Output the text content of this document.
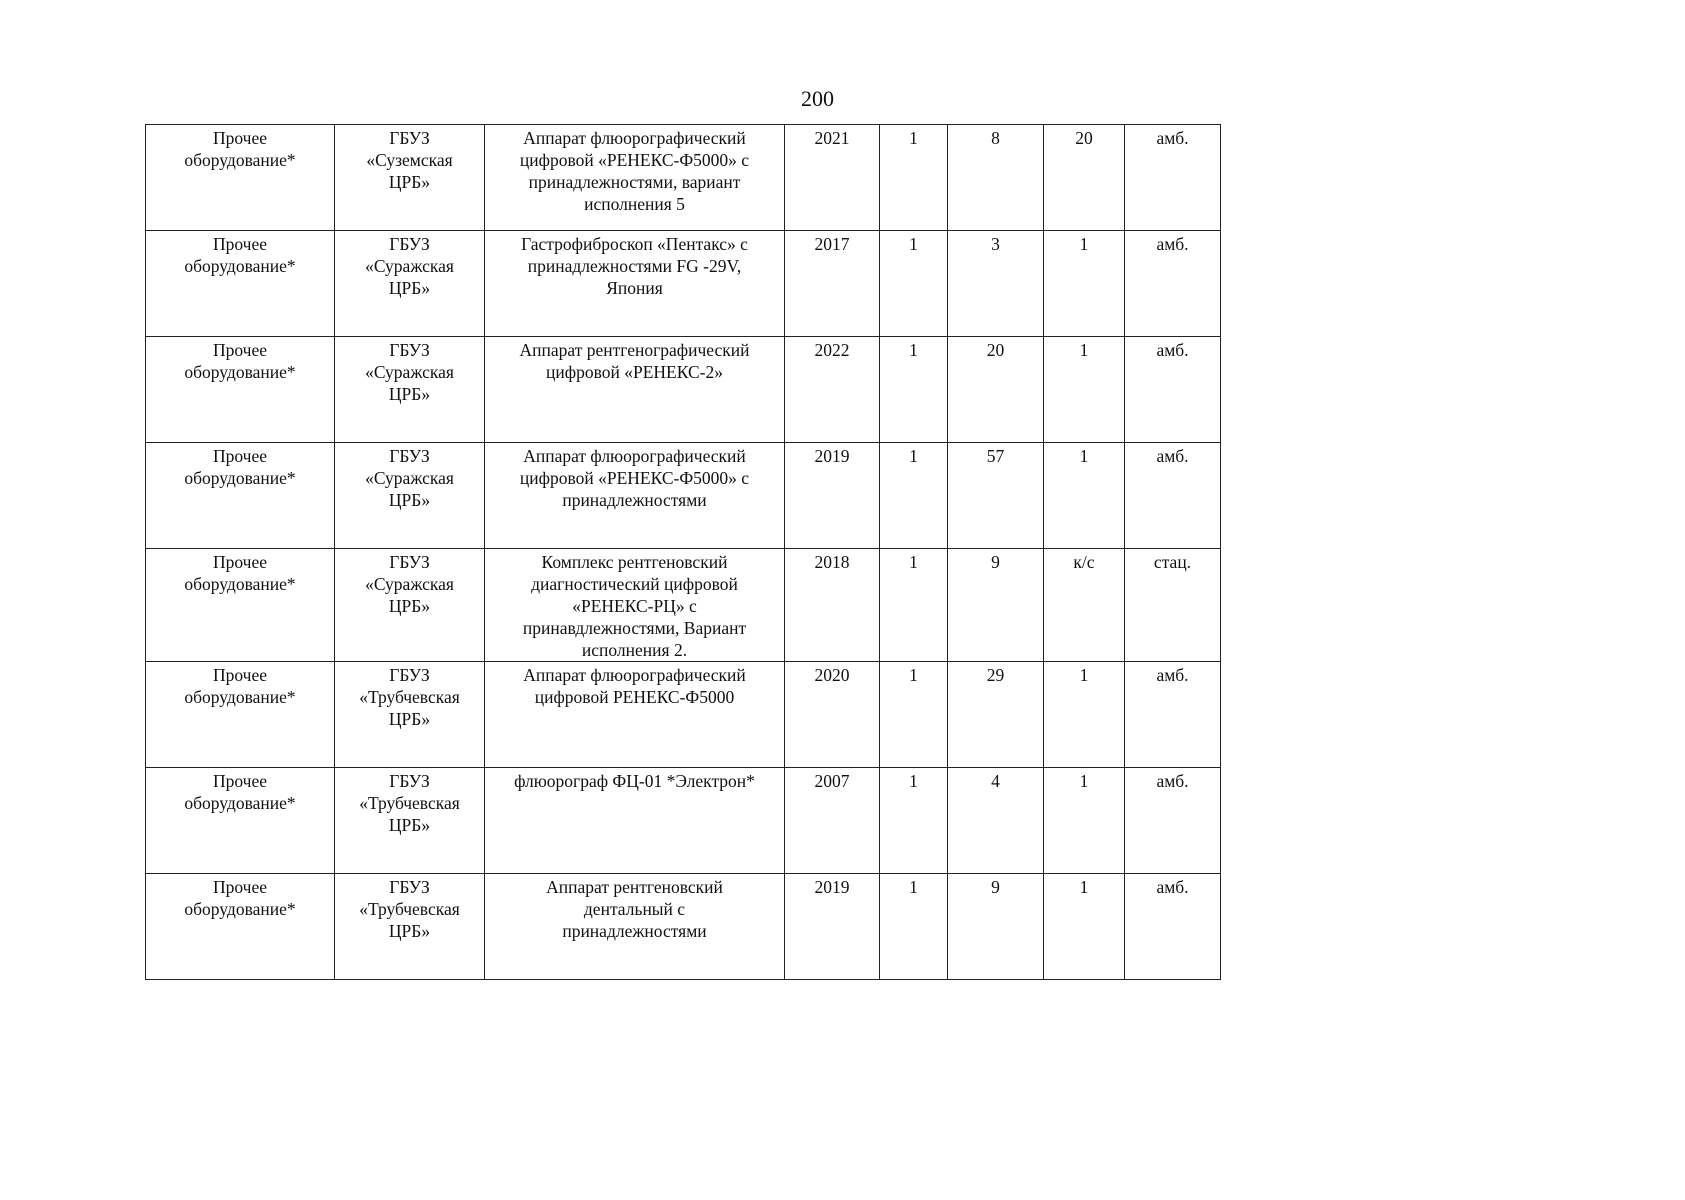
200
Прочее
оборудование*	ГБУЗ
«Суземская
ЦРБ»	Аппарат флюорографический
цифровой «РЕНЕКС-Ф5000» с
принадлежностями, вариант
исполнения 5	2021	1	8	20	амб.
Прочее
оборудование*	ГБУЗ
«Суражская
ЦРБ»	Гастрофиброскоп «Пентакс» с
принадлежностями FG -29V,
Япония	2017	1	3	1	амб.
Прочее
оборудование*	ГБУЗ
«Суражская
ЦРБ»	Аппарат рентгенографический
цифровой «РЕНЕКС-2»	2022	1	20	1	амб.
Прочее
оборудование*	ГБУЗ
«Суражская
ЦРБ»	Аппарат флюорографический
цифровой «РЕНЕКС-Ф5000» с
принадлежностями	2019	1	57	1	амб.
Прочее
оборудование*	ГБУЗ
«Суражская
ЦРБ»	Комплекс рентгеновский
диагностический цифровой
«РЕНЕКС-РЦ» с
принавдлежностями, Вариант
исполнения 2.	2018	1	9	к/с	стац.
Прочее
оборудование*	ГБУЗ
«Трубчевская
ЦРБ»	Аппарат флюорографический
цифровой РЕНЕКС-Ф5000	2020	1	29	1	амб.
Прочее
оборудование*	ГБУЗ
«Трубчевская
ЦРБ»	флюорограф ФЦ-01 *Электрон*	2007	1	4	1	амб.
Прочее
оборудование*	ГБУЗ
«Трубчевская
ЦРБ»	Аппарат рентгеновский
дентальный с
принадлежностями	2019	1	9	1	амб.
